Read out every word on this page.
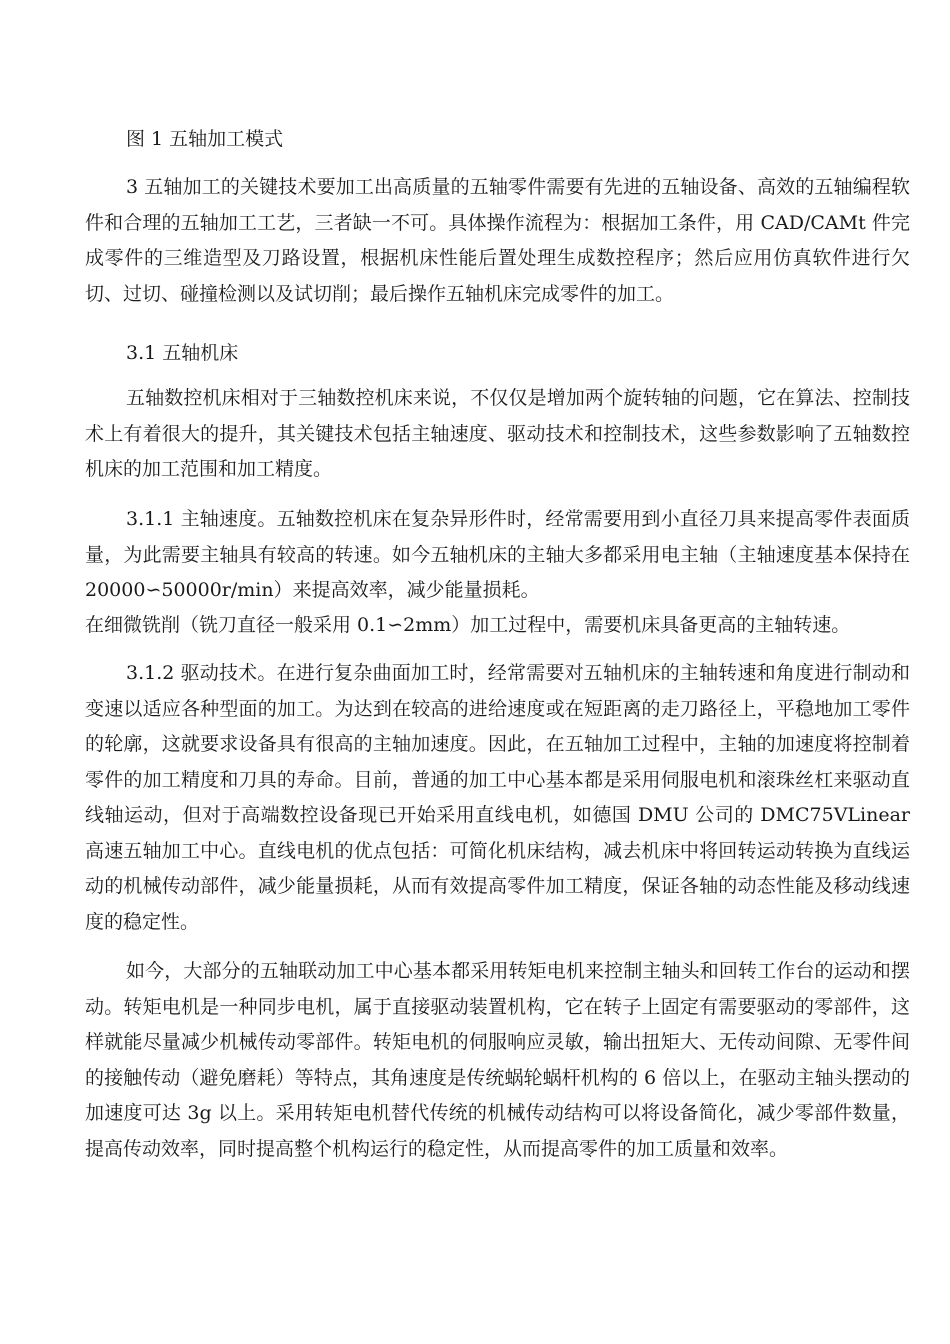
图 1 五轴加工模式

3 五轴加工的关键技术要加工出高质量的五轴零件需要有先进的五轴设备、高效的五轴编程软件和合理的五轴加工工艺，三者缺一不可。具体操作流程为：根据加工条件，用 CAD/CAMt 件完成零件的三维造型及刀路设置，根据机床性能后置处理生成数控程序；然后应用仿真软件进行欠切、过切、碰撞检测以及试切削；最后操作五轴机床完成零件的加工。

3.1 五轴机床

五轴数控机床相对于三轴数控机床来说，不仅仅是增加两个旋转轴的问题，它在算法、控制技术上有着很大的提升，其关键技术包括主轴速度、驱动技术和控制技术，这些参数影响了五轴数控机床的加工范围和加工精度。

3.1.1 主轴速度。五轴数控机床在复杂异形件时，经常需要用到小直径刀具来提高零件表面质量，为此需要主轴具有较高的转速。如今五轴机床的主轴大多都采用电主轴（主轴速度基本保持在 20000∽50000r/min）来提高效率，减少能量损耗。

在细微铣削（铣刀直径一般采用 0.1∽2mm）加工过程中，需要机床具备更高的主轴转速。

3.1.2 驱动技术。在进行复杂曲面加工时，经常需要对五轴机床的主轴转速和角度进行制动和变速以适应各种型面的加工。为达到在较高的进给速度或在短距离的走刀路径上，平稳地加工零件的轮廓，这就要求设备具有很高的主轴加速度。因此，在五轴加工过程中，主轴的加速度将控制着零件的加工精度和刀具的寿命。目前，普通的加工中心基本都是采用伺服电机和滚珠丝杠来驱动直线轴运动，但对于高端数控设备现已开始采用直线电机，如德国 DMU 公司的 DMC75VLinear 高速五轴加工中心。直线电机的优点包括：可简化机床结构，减去机床中将回转运动转换为直线运动的机械传动部件，减少能量损耗，从而有效提高零件加工精度，保证各轴的动态性能及移动线速度的稳定性。

如今，大部分的五轴联动加工中心基本都采用转矩电机来控制主轴头和回转工作台的运动和摆动。转矩电机是一种同步电机，属于直接驱动装置机构，它在转子上固定有需要驱动的零部件，这样就能尽量减少机械传动零部件。转矩电机的伺服响应灵敏，输出扭矩大、无传动间隙、无零件间的接触传动（避免磨耗）等特点，其角速度是传统蜗轮蜗杆机构的 6 倍以上，在驱动主轴头摆动的加速度可达 3g 以上。采用转矩电机替代传统的机械传动结构可以将设备简化，减少零部件数量，提高传动效率，同时提高整个机构运行的稳定性，从而提高零件的加工质量和效率。
